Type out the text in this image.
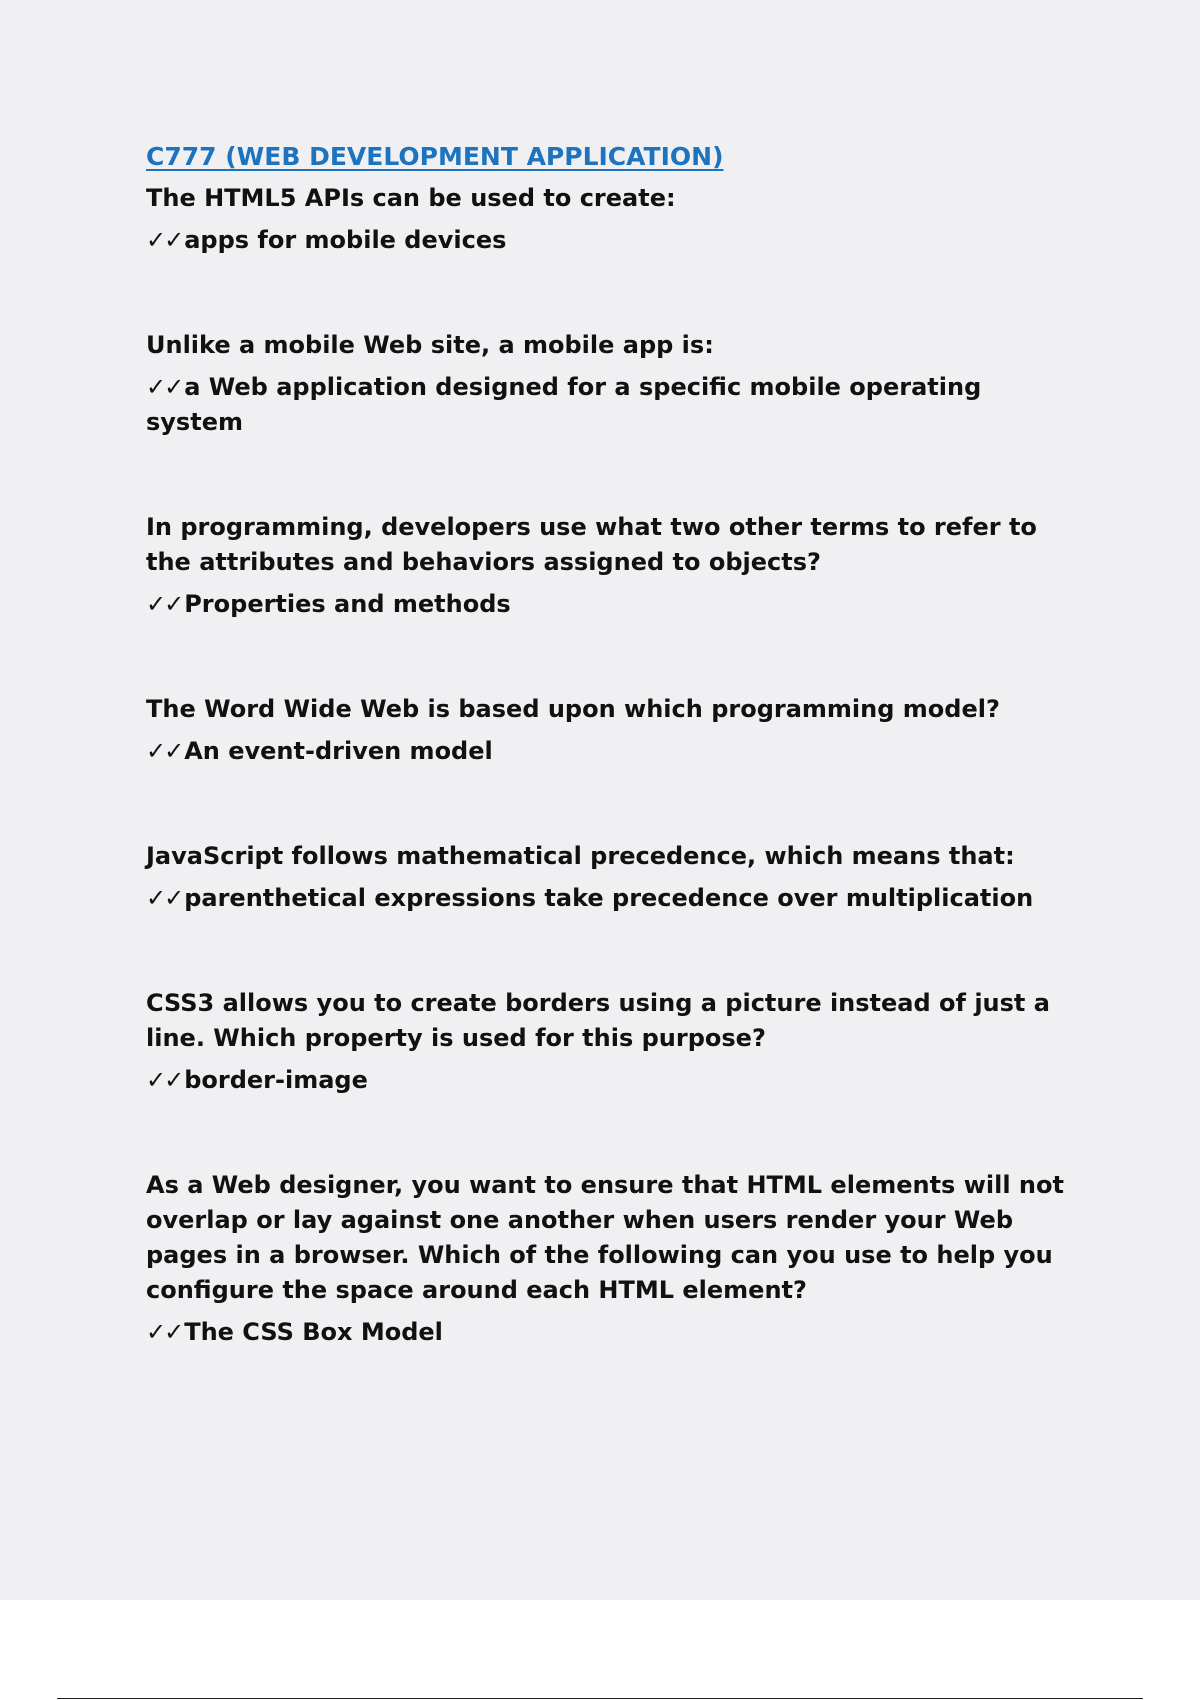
C777 (WEB DEVELOPMENT APPLICATION)

The HTML5 APIs can be used to create:

✓✓apps for mobile devices

Unlike a mobile Web site, a mobile app is:

✓✓a Web application designed for a specific mobile operating system

In programming, developers use what two other terms to refer to the attributes and behaviors assigned to objects?

✓✓Properties and methods

The Word Wide Web is based upon which programming model?

✓✓An event-driven model

JavaScript follows mathematical precedence, which means that:

✓✓parenthetical expressions take precedence over multiplication

CSS3 allows you to create borders using a picture instead of just a line. Which property is used for this purpose?

✓✓border-image

As a Web designer, you want to ensure that HTML elements will not overlap or lay against one another when users render your Web pages in a browser. Which of the following can you use to help you configure the space around each HTML element?

✓✓The CSS Box Model
